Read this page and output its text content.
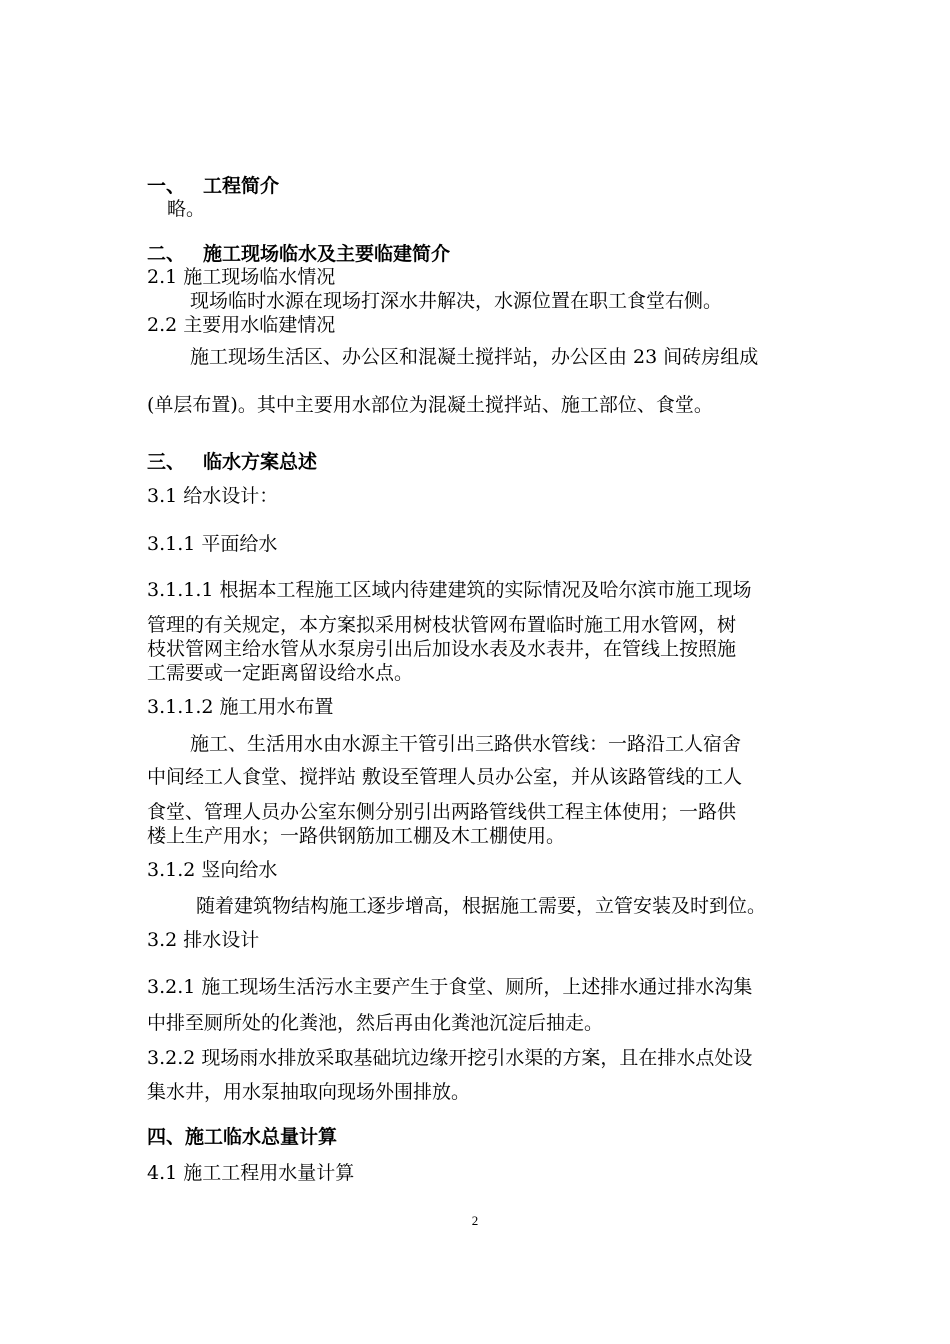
一、 工程简介
略。
二、 施工现场临水及主要临建简介
2.1 施工现场临水情况
现场临时水源在现场打深水井解决，水源位置在职工食堂右侧。
2.2 主要用水临建情况
施工现场生活区、办公区和混凝土搅拌站，办公区由 23 间砖房组成
(单层布置)。其中主要用水部位为混凝土搅拌站、施工部位、食堂。
三、 临水方案总述
3.1 给水设计：
3.1.1 平面给水
3.1.1.1 根据本工程施工区域内待建建筑的实际情况及哈尔滨市施工现场
管理的有关规定，本方案拟采用树枝状管网布置临时施工用水管网，树
枝状管网主给水管从水泵房引出后加设水表及水表井，在管线上按照施
工需要或一定距离留设给水点。
3.1.1.2 施工用水布置
施工、生活用水由水源主干管引出三路供水管线：一路沿工人宿舍
中间经工人食堂、搅拌站 敷设至管理人员办公室，并从该路管线的工人
食堂、管理人员办公室东侧分别引出两路管线供工程主体使用；一路供
楼上生产用水；一路供钢筋加工棚及木工棚使用。
3.1.2 竖向给水
随着建筑物结构施工逐步增高，根据施工需要，立管安装及时到位。
3.2 排水设计
3.2.1 施工现场生活污水主要产生于食堂、厕所，上述排水通过排水沟集
中排至厕所处的化粪池，然后再由化粪池沉淀后抽走。
3.2.2 现场雨水排放采取基础坑边缘开挖引水渠的方案，且在排水点处设
集水井，用水泵抽取向现场外围排放。
四、施工临水总量计算
4.1 施工工程用水量计算
2
